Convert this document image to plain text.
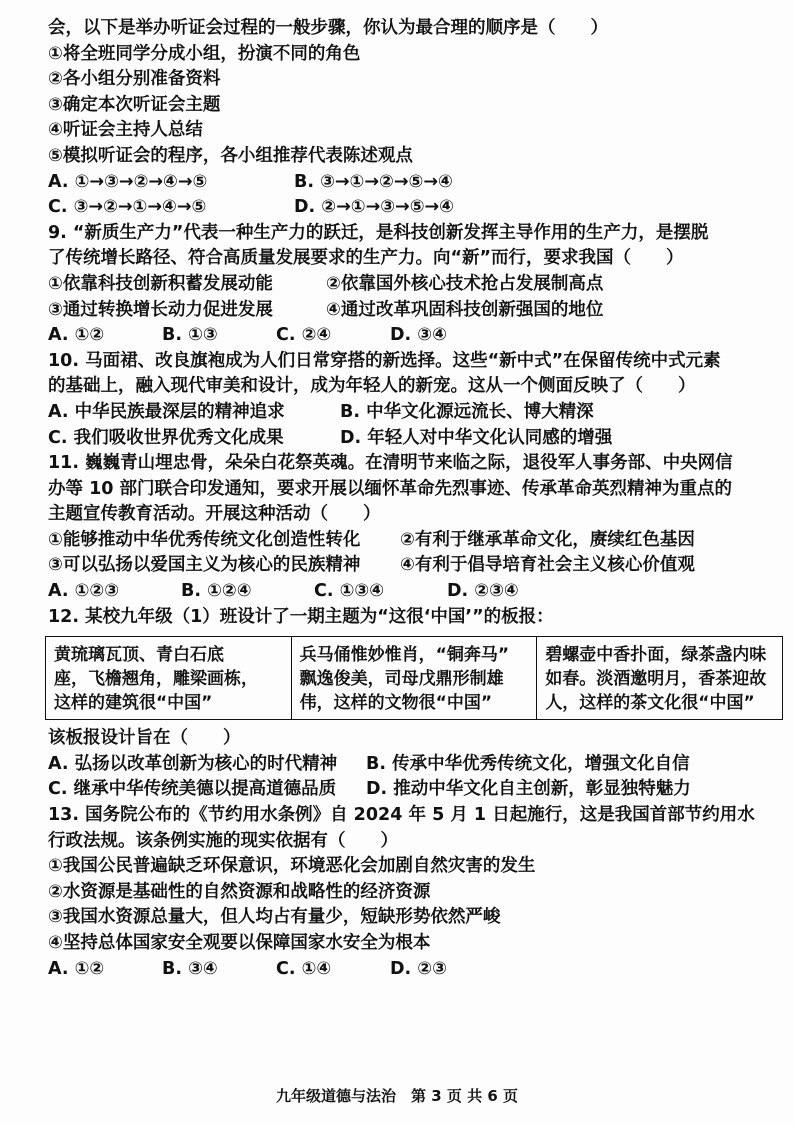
会，以下是举办听证会过程的一般步骤，你认为最合理的顺序是（　　）
①将全班同学分成小组，扮演不同的角色
②各小组分别准备资料
③确定本次听证会主题
④听证会主持人总结
⑤模拟听证会的程序，各小组推荐代表陈述观点
A. ①→③→②→④→⑤	B. ③→①→②→⑤→④
C. ③→②→①→④→⑤	D. ②→①→③→⑤→④
9. “新质生产力”代表一种生产力的跃迁，是科技创新发挥主导作用的生产力，是摆脱
了传统增长路径、符合高质量发展要求的生产力。向“新”而行，要求我国（　　）
①依靠科技创新积蓄发展动能	②依靠国外核心技术抢占发展制高点
③通过转换增长动力促进发展	④通过改革巩固科技创新强国的地位
A. ①②	B. ①③	C. ②④	D. ③④
10. 马面裙、改良旗袍成为人们日常穿搭的新选择。这些“新中式”在保留传统中式元素
的基础上，融入现代审美和设计，成为年轻人的新宠。这从一个侧面反映了（　　）
A. 中华民族最深层的精神追求	B. 中华文化源远流长、博大精深
C. 我们吸收世界优秀文化成果	D. 年轻人对中华文化认同感的增强
11. 巍巍青山埋忠骨，朵朵白花祭英魂。在清明节来临之际，退役军人事务部、中央网信
办等 10 部门联合印发通知，要求开展以缅怀革命先烈事迹、传承革命英烈精神为重点的
主题宣传教育活动。开展这种活动（　　）
①能够推动中华优秀传统文化创造性转化	②有利于继承革命文化，赓续红色基因
③可以弘扬以爱国主义为核心的民族精神	④有利于倡导培育社会主义核心价值观
A. ①②③	B. ①②④	C. ①③④	D. ②③④
12. 某校九年级（1）班设计了一期主题为“这很‘中国’”的板报：
黄琉璃瓦顶、青白石底
座，飞檐翘角，雕梁画栋，
这样的建筑很“中国”

兵马俑惟妙惟肖，“铜奔马”
飘逸俊美，司母戊鼎形制雄
伟，这样的文物很“中国”

碧螺壶中香扑面，绿茶盏内味
如春。淡酒邀明月，香茶迎故
人，这样的茶文化很“中国”
该板报设计旨在（　　）
A. 弘扬以改革创新为核心的时代精神	B. 传承中华优秀传统文化，增强文化自信
C. 继承中华传统美德以提高道德品质	D. 推动中华文化自主创新，彰显独特魅力
13. 国务院公布的《节约用水条例》自 2024 年 5 月 1 日起施行，这是我国首部节约用水
行政法规。该条例实施的现实依据有（　　）
①我国公民普遍缺乏环保意识，环境恶化会加剧自然灾害的发生
②水资源是基础性的自然资源和战略性的经济资源
③我国水资源总量大，但人均占有量少，短缺形势依然严峻
④坚持总体国家安全观要以保障国家水安全为根本
A. ①②	B. ③④	C. ①④	D. ②③
九年级道德与法治　第 3 页 共 6 页
